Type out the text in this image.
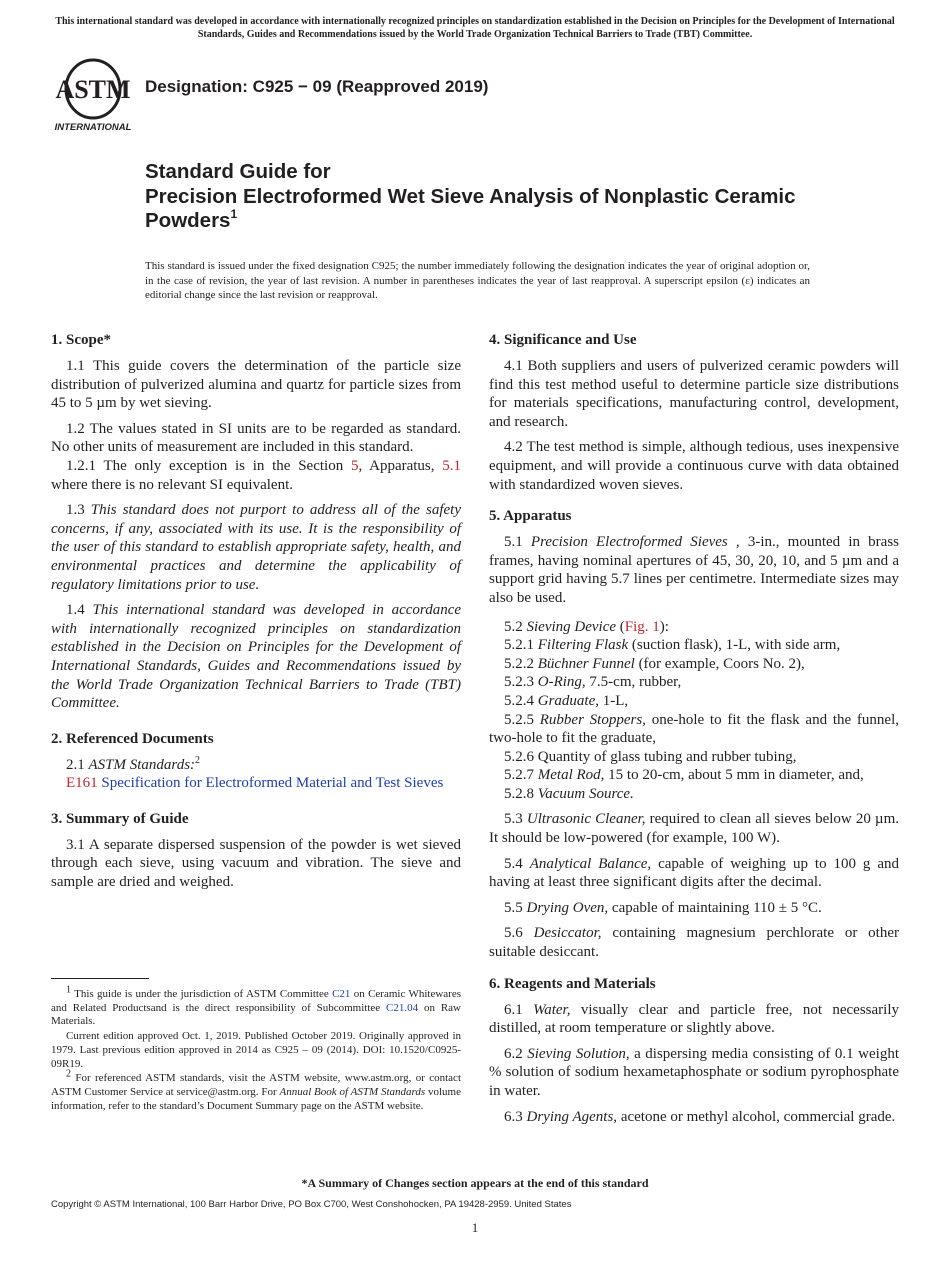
This international standard was developed in accordance with internationally recognized principles on standardization established in the Decision on Principles for the Development of International Standards, Guides and Recommendations issued by the World Trade Organization Technical Barriers to Trade (TBT) Committee.
ASTM
INTERNATIONAL
Designation: C925 − 09 (Reapproved 2019)
Standard Guide for
Precision Electroformed Wet Sieve Analysis of Nonplastic Ceramic Powders$^1$
This standard is issued under the fixed designation C925; the number immediately following the designation indicates the year of original adoption or, in the case of revision, the year of last revision. A number in parentheses indicates the year of last reapproval. A superscript epsilon (ε) indicates an editorial change since the last revision or reapproval.
1. Scope*

1.1 This guide covers the determination of the particle size distribution of pulverized alumina and quartz for particle sizes from 45 to 5 µm by wet sieving.

1.2 The values stated in SI units are to be regarded as standard. No other units of measurement are included in this standard.

1.2.1 The only exception is in the Section 5, Apparatus, 5.1 where there is no relevant SI equivalent.

1.3 This standard does not purport to address all of the safety concerns, if any, associated with its use. It is the responsibility of the user of this standard to establish appropriate safety, health, and environmental practices and determine the applicability of regulatory limitations prior to use.

1.4 This international standard was developed in accordance with internationally recognized principles on standardization established in the Decision on Principles for the Development of International Standards, Guides and Recommendations issued by the World Trade Organization Technical Barriers to Trade (TBT) Committee.

2. Referenced Documents

2.1 ASTM Standards:$^2$

E161 Specification for Electroformed Material and Test Sieves

3. Summary of Guide

3.1 A separate dispersed suspension of the powder is wet sieved through each sieve, using vacuum and vibration. The sieve and sample are dried and weighed.

4. Significance and Use

4.1 Both suppliers and users of pulverized ceramic powders will find this test method useful to determine particle size distributions for materials specifications, manufacturing control, development, and research.

4.2 The test method is simple, although tedious, uses inexpensive equipment, and will provide a continuous curve with data obtained with standardized woven sieves.

5. Apparatus

5.1 Precision Electroformed Sieves , 3-in., mounted in brass frames, having nominal apertures of 45, 30, 20, 10, and 5 µm and a support grid having 5.7 lines per centimetre. Intermediate sizes may also be used.

5.2 Sieving Device (Fig. 1):

5.2.1 Filtering Flask (suction flask), 1-L, with side arm,

5.2.2 Büchner Funnel (for example, Coors No. 2),

5.2.3 O-Ring, 7.5-cm, rubber,

5.2.4 Graduate, 1-L,

5.2.5 Rubber Stoppers, one-hole to fit the flask and the funnel, two-hole to fit the graduate,

5.2.6 Quantity of glass tubing and rubber tubing,

5.2.7 Metal Rod, 15 to 20-cm, about 5 mm in diameter, and,

5.2.8 Vacuum Source.

5.3 Ultrasonic Cleaner, required to clean all sieves below 20 µm. It should be low-powered (for example, 100 W).

5.4 Analytical Balance, capable of weighing up to 100 g and having at least three significant digits after the decimal.

5.5 Drying Oven, capable of maintaining 110 ± 5 °C.

5.6 Desiccator, containing magnesium perchlorate or other suitable desiccant.

6. Reagents and Materials

6.1 Water, visually clear and particle free, not necessarily distilled, at room temperature or slightly above.

6.2 Sieving Solution, a dispersing media consisting of 0.1 weight % solution of sodium hexametaphosphate or sodium pyrophosphate in water.

6.3 Drying Agents, acetone or methyl alcohol, commercial grade.

$^1$ This guide is under the jurisdiction of ASTM Committee C21 on Ceramic Whitewares and Related Productsand is the direct responsibility of Subcommittee C21.04 on Raw Materials.

Current edition approved Oct. 1, 2019. Published October 2019. Originally approved in 1979. Last previous edition approved in 2014 as C925 – 09 (2014). DOI: 10.1520/C0925-09R19.

$^2$ For referenced ASTM standards, visit the ASTM website, www.astm.org, or contact ASTM Customer Service at service@astm.org. For Annual Book of ASTM Standards volume information, refer to the standard’s Document Summary page on the ASTM website.

*A Summary of Changes section appears at the end of this standard
Copyright © ASTM International, 100 Barr Harbor Drive, PO Box C700, West Conshohocken, PA 19428-2959. United States
1
